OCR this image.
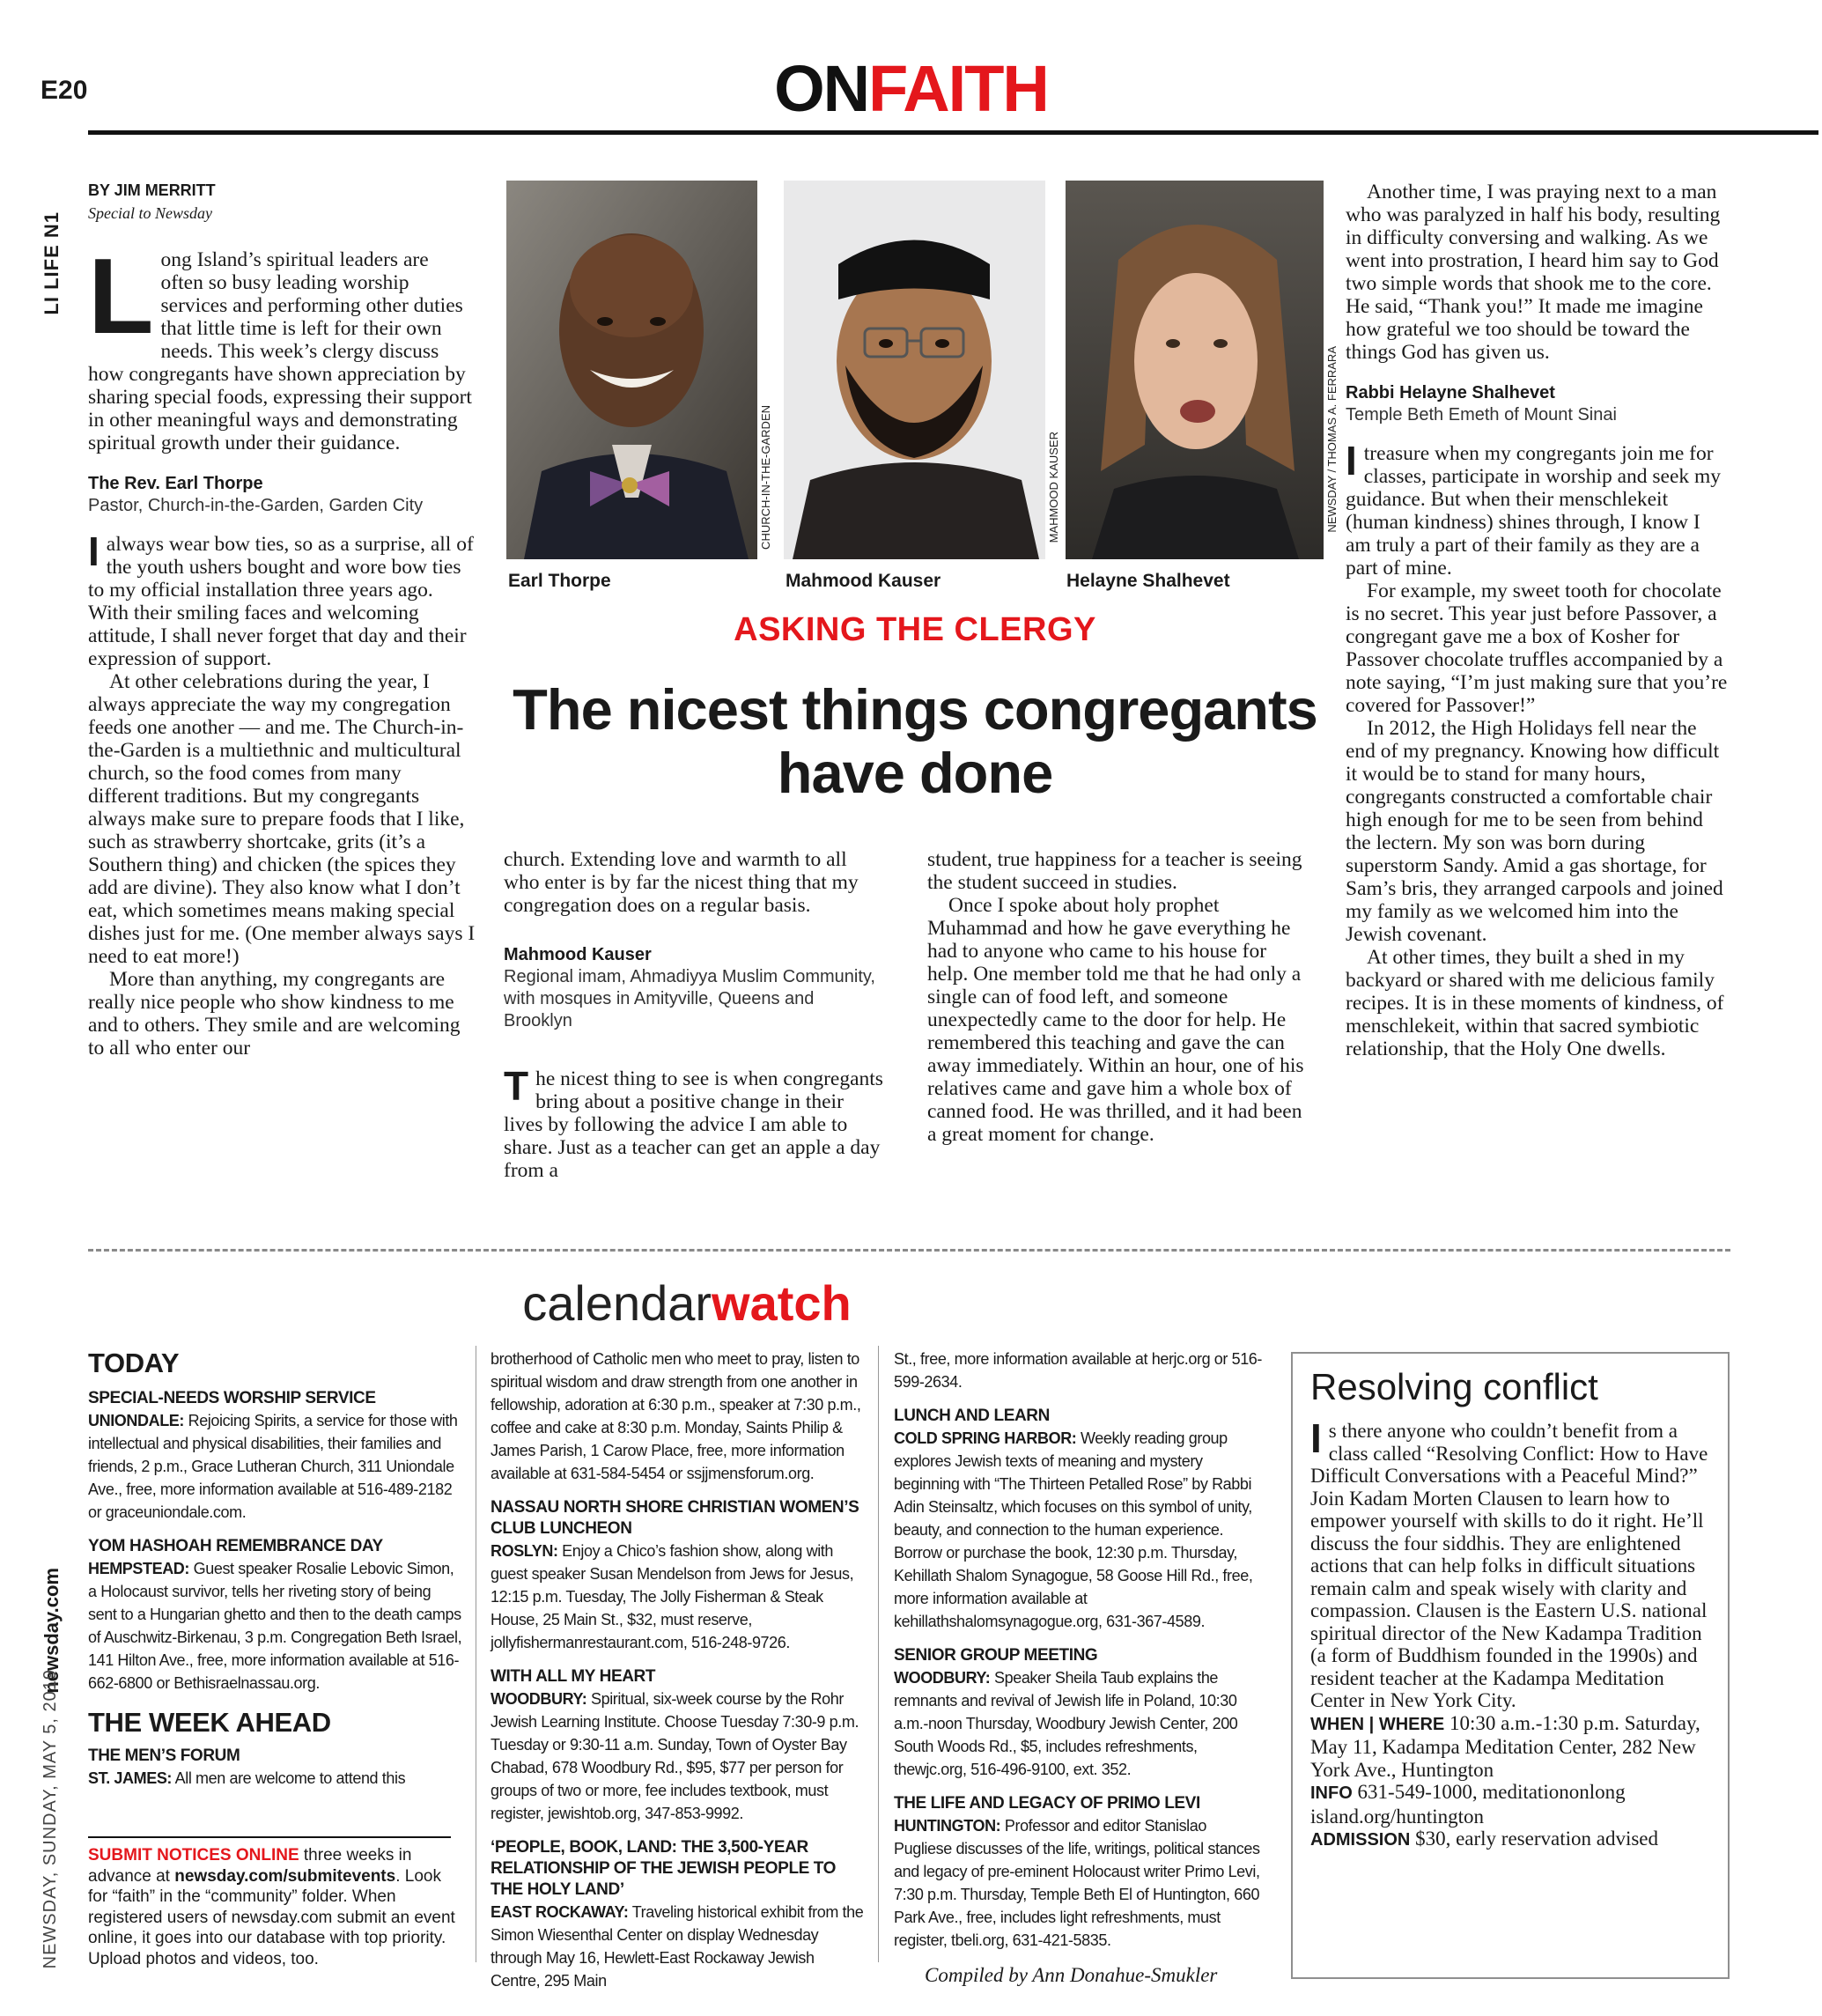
E20	ONFAITH
LI LIFE N1
newsday.com
NEWSDAY, SUNDAY, MAY 5, 2019
BY JIM MERRITT
Special to Newsday

Long Island’s spiritual leaders are often so busy leading worship services and performing other duties that little time is left for their own needs. This week’s clergy discuss how congregants have shown appreciation by sharing special foods, expressing their support in other meaningful ways and demonstrating spiritual growth under their guidance.

The Rev. Earl Thorpe
Pastor, Church-in-the-Garden, Garden City

I always wear bow ties, so as a surprise, all of the youth ushers bought and wore bow ties to my official installation three years ago. With their smiling faces and welcoming attitude, I shall never forget that day and their expression of support.

At other celebrations during the year, I always appreciate the way my congregation feeds one another — and me. The Church-in-the-Garden is a multiethnic and multicultural church, so the food comes from many different traditions. But my congregants always make sure to prepare foods that I like, such as strawberry shortcake, grits (it’s a Southern thing) and chicken (the spices they add are divine). They also know what I don’t eat, which sometimes means making special dishes just for me. (One member always says I need to eat more!)

More than anything, my congregants are really nice people who show kindness to me and to others. They smile and are welcoming to all who enter our

CHURCH-IN-THE-GARDEN	MAHMOOD KAUSER	NEWSDAY / THOMAS A. FERRARA
Earl Thorpe	Mahmood Kauser	Helayne Shalhevet
ASKING THE CLERGY
The nicest things congregants have done

church. Extending love and warmth to all who enter is by far the nicest thing that my congregation does on a regular basis.

Mahmood Kauser
Regional imam, Ahmadiyya Muslim Community, with mosques in Amityville, Queens and Brooklyn

The nicest thing to see is when congregants bring about a positive change in their lives by following the advice I am able to share. Just as a teacher can get an apple a day from a

student, true happiness for a teacher is seeing the student succeed in studies.

Once I spoke about holy prophet Muhammad and how he gave everything he had to anyone who came to his house for help. One member told me that he had only a single can of food left, and someone unexpectedly came to the door for help. He remembered this teaching and gave the can away immediately. Within an hour, one of his relatives came and gave him a whole box of canned food. He was thrilled, and it had been a great moment for change.

Another time, I was praying next to a man who was paralyzed in half his body, resulting in difficulty conversing and walking. As we went into prostration, I heard him say to God two simple words that shook me to the core. He said, “Thank you!” It made me imagine how grateful we too should be toward the things God has given us.

Rabbi Helayne Shalhevet
Temple Beth Emeth of Mount Sinai

I treasure when my congregants join me for classes, participate in worship and seek my guidance. But when their menschlekeit (human kindness) shines through, I know I am truly a part of their family as they are a part of mine.

For example, my sweet tooth for chocolate is no secret. This year just before Passover, a congregant gave me a box of Kosher for Passover chocolate truffles accompanied by a note saying, “I’m just making sure that you’re covered for Passover!”

In 2012, the High Holidays fell near the end of my pregnancy. Knowing how difficult it would be to stand for many hours, congregants constructed a comfortable chair high enough for me to be seen from behind the lectern. My son was born during superstorm Sandy. Amid a gas shortage, for Sam’s bris, they arranged carpools and joined my family as we welcomed him into the Jewish covenant.

At other times, they built a shed in my backyard or shared with me delicious family recipes. It is in these moments of kindness, of menschlekeit, within that sacred symbiotic relationship, that the Holy One dwells.

calendarwatch
TODAY
SPECIAL-NEEDS WORSHIP SERVICE

UNIONDALE: Rejoicing Spirits, a service for those with intellectual and physical disabilities, their families and friends, 2 p.m., Grace Lutheran Church, 311 Uniondale Ave., free, more information available at 516-489-2182 or graceuniondale.com.

YOM HASHOAH REMEMBRANCE DAY

HEMPSTEAD: Guest speaker Rosalie Lebovic Simon, a Holocaust survivor, tells her riveting story of being sent to a Hungarian ghetto and then to the death camps of Auschwitz-Birkenau, 3 p.m. Congregation Beth Israel, 141 Hilton Ave., free, more information available at 516-662-6800 or Bethisraelnassau.org.

THE WEEK AHEAD
THE MEN’S FORUM

ST. JAMES: All men are welcome to attend this

SUBMIT NOTICES ONLINE three weeks in advance at newsday.com/submitevents. Look for “faith” in the “community” folder. When registered users of newsday.com submit an event online, it goes into our database with top priority. Upload photos and videos, too.

brotherhood of Catholic men who meet to pray, listen to spiritual wisdom and draw strength from one another in fellowship, adoration at 6:30 p.m., speaker at 7:30 p.m., coffee and cake at 8:30 p.m. Monday, Saints Philip & James Parish, 1 Carow Place, free, more information available at 631-584-5454 or ssjjmensforum.org.

NASSAU NORTH SHORE CHRISTIAN WOMEN’S CLUB LUNCHEON

ROSLYN: Enjoy a Chico’s fashion show, along with guest speaker Susan Mendelson from Jews for Jesus, 12:15 p.m. Tuesday, The Jolly Fisherman & Steak House, 25 Main St., $32, must reserve, jollyfishermanrestaurant.com, 516-248-9726.

WITH ALL MY HEART

WOODBURY: Spiritual, six-week course by the Rohr Jewish Learning Institute. Choose Tuesday 7:30-9 p.m. Tuesday or 9:30-11 a.m. Sunday, Town of Oyster Bay Chabad, 678 Woodbury Rd., $95, $77 per person for groups of two or more, fee includes textbook, must register, jewishtob.org, 347-853-9992.

‘PEOPLE, BOOK, LAND: THE 3,500-YEAR RELATIONSHIP OF THE JEWISH PEOPLE TO THE HOLY LAND’

EAST ROCKAWAY: Traveling historical exhibit from the Simon Wiesenthal Center on display Wednesday through May 16, Hewlett-East Rockaway Jewish Centre, 295 Main

St., free, more information available at herjc.org or 516-599-2634.

LUNCH AND LEARN

COLD SPRING HARBOR: Weekly reading group explores Jewish texts of meaning and mystery beginning with “The Thirteen Petalled Rose” by Rabbi Adin Steinsaltz, which focuses on this symbol of unity, beauty, and connection to the human experience. Borrow or purchase the book, 12:30 p.m. Thursday, Kehillath Shalom Synagogue, 58 Goose Hill Rd., free, more information available at kehillathshalomsynagogue.org, 631-367-4589.

SENIOR GROUP MEETING

WOODBURY: Speaker Sheila Taub explains the remnants and revival of Jewish life in Poland, 10:30 a.m.-noon Thursday, Woodbury Jewish Center, 200 South Woods Rd., $5, includes refreshments, thewjc.org, 516-496-9100, ext. 352.

THE LIFE AND LEGACY OF PRIMO LEVI

HUNTINGTON: Professor and editor Stanislao Pugliese discusses of the life, writings, political stances and legacy of pre-eminent Holocaust writer Primo Levi, 7:30 p.m. Thursday, Temple Beth El of Huntington, 660 Park Ave., free, includes light refreshments, must register, tbeli.org, 631-421-5835.

Compiled by Ann Donahue-Smukler
Resolving conflict

Is there anyone who couldn’t benefit from a class called “Resolving Conflict: How to Have Difficult Conversations with a Peaceful Mind?” Join Kadam Morten Clausen to learn how to empower yourself with skills to do it right. He’ll discuss the four siddhis. They are enlightened actions that can help folks in difficult situations remain calm and speak wisely with clarity and compassion. Clausen is the Eastern U.S. national spiritual director of the New Kadampa Tradition (a form of Buddhism founded in the 1990s) and resident teacher at the Kadampa Meditation Center in New York City.

WHEN | WHERE 10:30 a.m.-1:30 p.m. Saturday, May 11, Kadampa Meditation Center, 282 New York Ave., Huntington

INFO 631-549-1000, meditationonlong island.org/huntington

ADMISSION $30, early reservation advised
